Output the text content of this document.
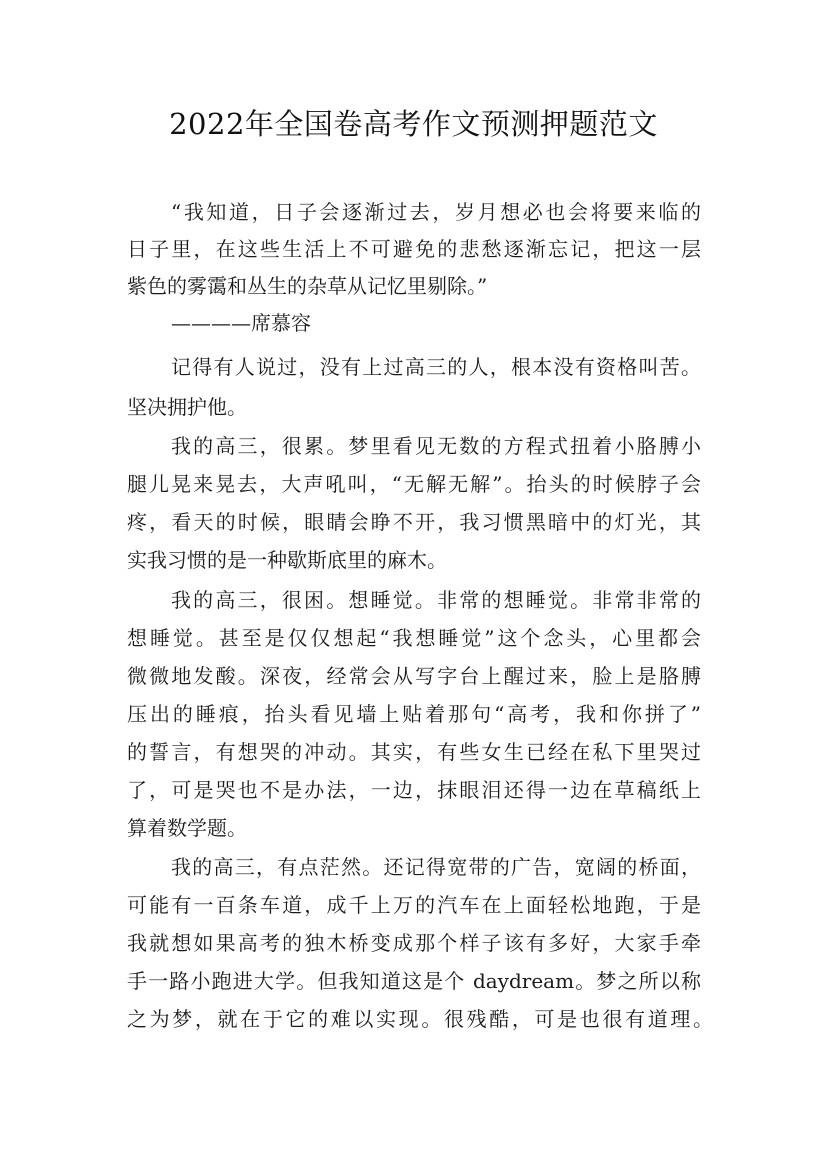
2022年全国卷高考作文预测押题范文
“我知道，日子会逐渐过去，岁月想必也会将要来临的
日子里，在这些生活上不可避免的悲愁逐渐忘记，把这一层
紫色的雾霭和丛生的杂草从记忆里剔除。”
————席慕容
记得有人说过，没有上过高三的人，根本没有资格叫苦。
坚决拥护他。
我的高三，很累。梦里看见无数的方程式扭着小胳膊小
腿儿晃来晃去，大声吼叫，“无解无解”。抬头的时候脖子会
疼，看天的时候，眼睛会睁不开，我习惯黑暗中的灯光，其
实我习惯的是一种歇斯底里的麻木。
我的高三，很困。想睡觉。非常的想睡觉。非常非常的
想睡觉。甚至是仅仅想起“我想睡觉”这个念头，心里都会
微微地发酸。深夜，经常会从写字台上醒过来，脸上是胳膊
压出的睡痕，抬头看见墙上贴着那句“高考，我和你拼了”
的誓言，有想哭的冲动。其实，有些女生已经在私下里哭过
了，可是哭也不是办法，一边，抹眼泪还得一边在草稿纸上
算着数学题。
我的高三，有点茫然。还记得宽带的广告，宽阔的桥面，
可能有一百条车道，成千上万的汽车在上面轻松地跑，于是
我就想如果高考的独木桥变成那个样子该有多好，大家手牵
手一路小跑进大学。但我知道这是个 daydream。梦之所以称
之为梦，就在于它的难以实现。很残酷，可是也很有道理。
